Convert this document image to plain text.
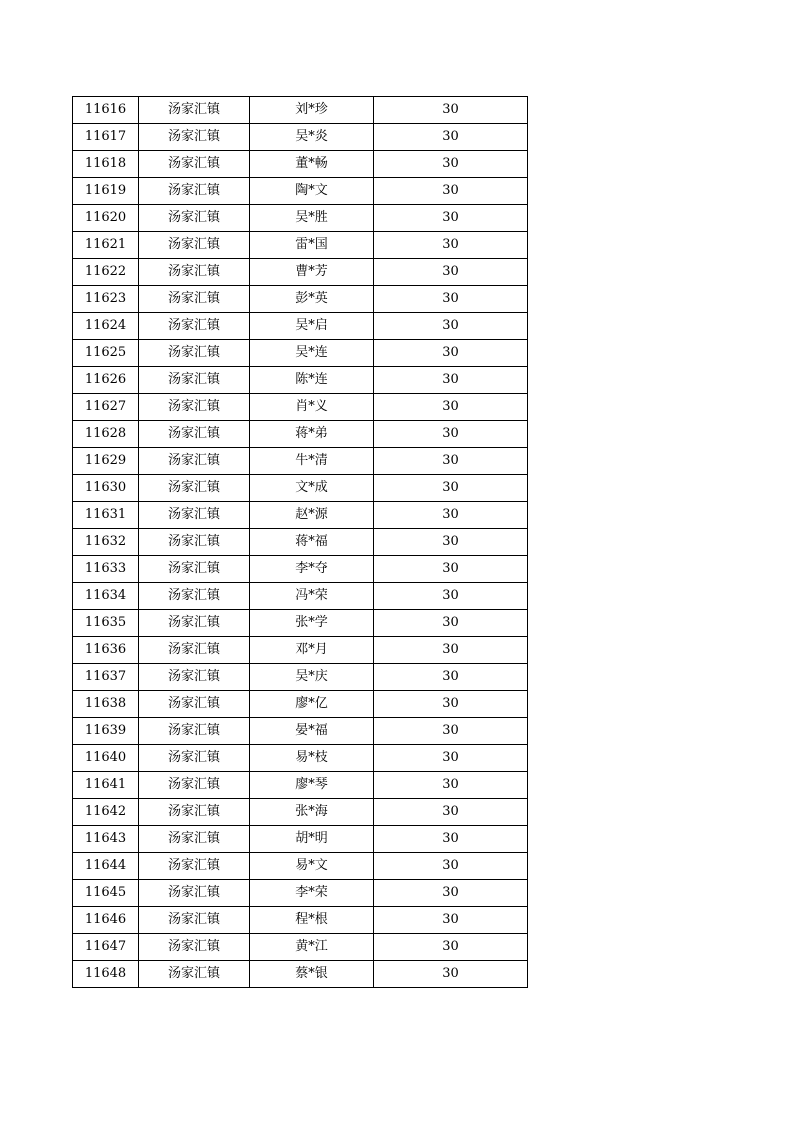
11616	汤家汇镇	刘*珍	30
11617	汤家汇镇	吴*炎	30
11618	汤家汇镇	董*畅	30
11619	汤家汇镇	陶*文	30
11620	汤家汇镇	吴*胜	30
11621	汤家汇镇	雷*国	30
11622	汤家汇镇	曹*芳	30
11623	汤家汇镇	彭*英	30
11624	汤家汇镇	吴*启	30
11625	汤家汇镇	吴*连	30
11626	汤家汇镇	陈*连	30
11627	汤家汇镇	肖*义	30
11628	汤家汇镇	蒋*弟	30
11629	汤家汇镇	牛*清	30
11630	汤家汇镇	文*成	30
11631	汤家汇镇	赵*源	30
11632	汤家汇镇	蒋*福	30
11633	汤家汇镇	李*夺	30
11634	汤家汇镇	冯*荣	30
11635	汤家汇镇	张*学	30
11636	汤家汇镇	邓*月	30
11637	汤家汇镇	吴*庆	30
11638	汤家汇镇	廖*亿	30
11639	汤家汇镇	晏*福	30
11640	汤家汇镇	易*枝	30
11641	汤家汇镇	廖*琴	30
11642	汤家汇镇	张*海	30
11643	汤家汇镇	胡*明	30
11644	汤家汇镇	易*文	30
11645	汤家汇镇	李*荣	30
11646	汤家汇镇	程*根	30
11647	汤家汇镇	黄*江	30
11648	汤家汇镇	蔡*银	30
